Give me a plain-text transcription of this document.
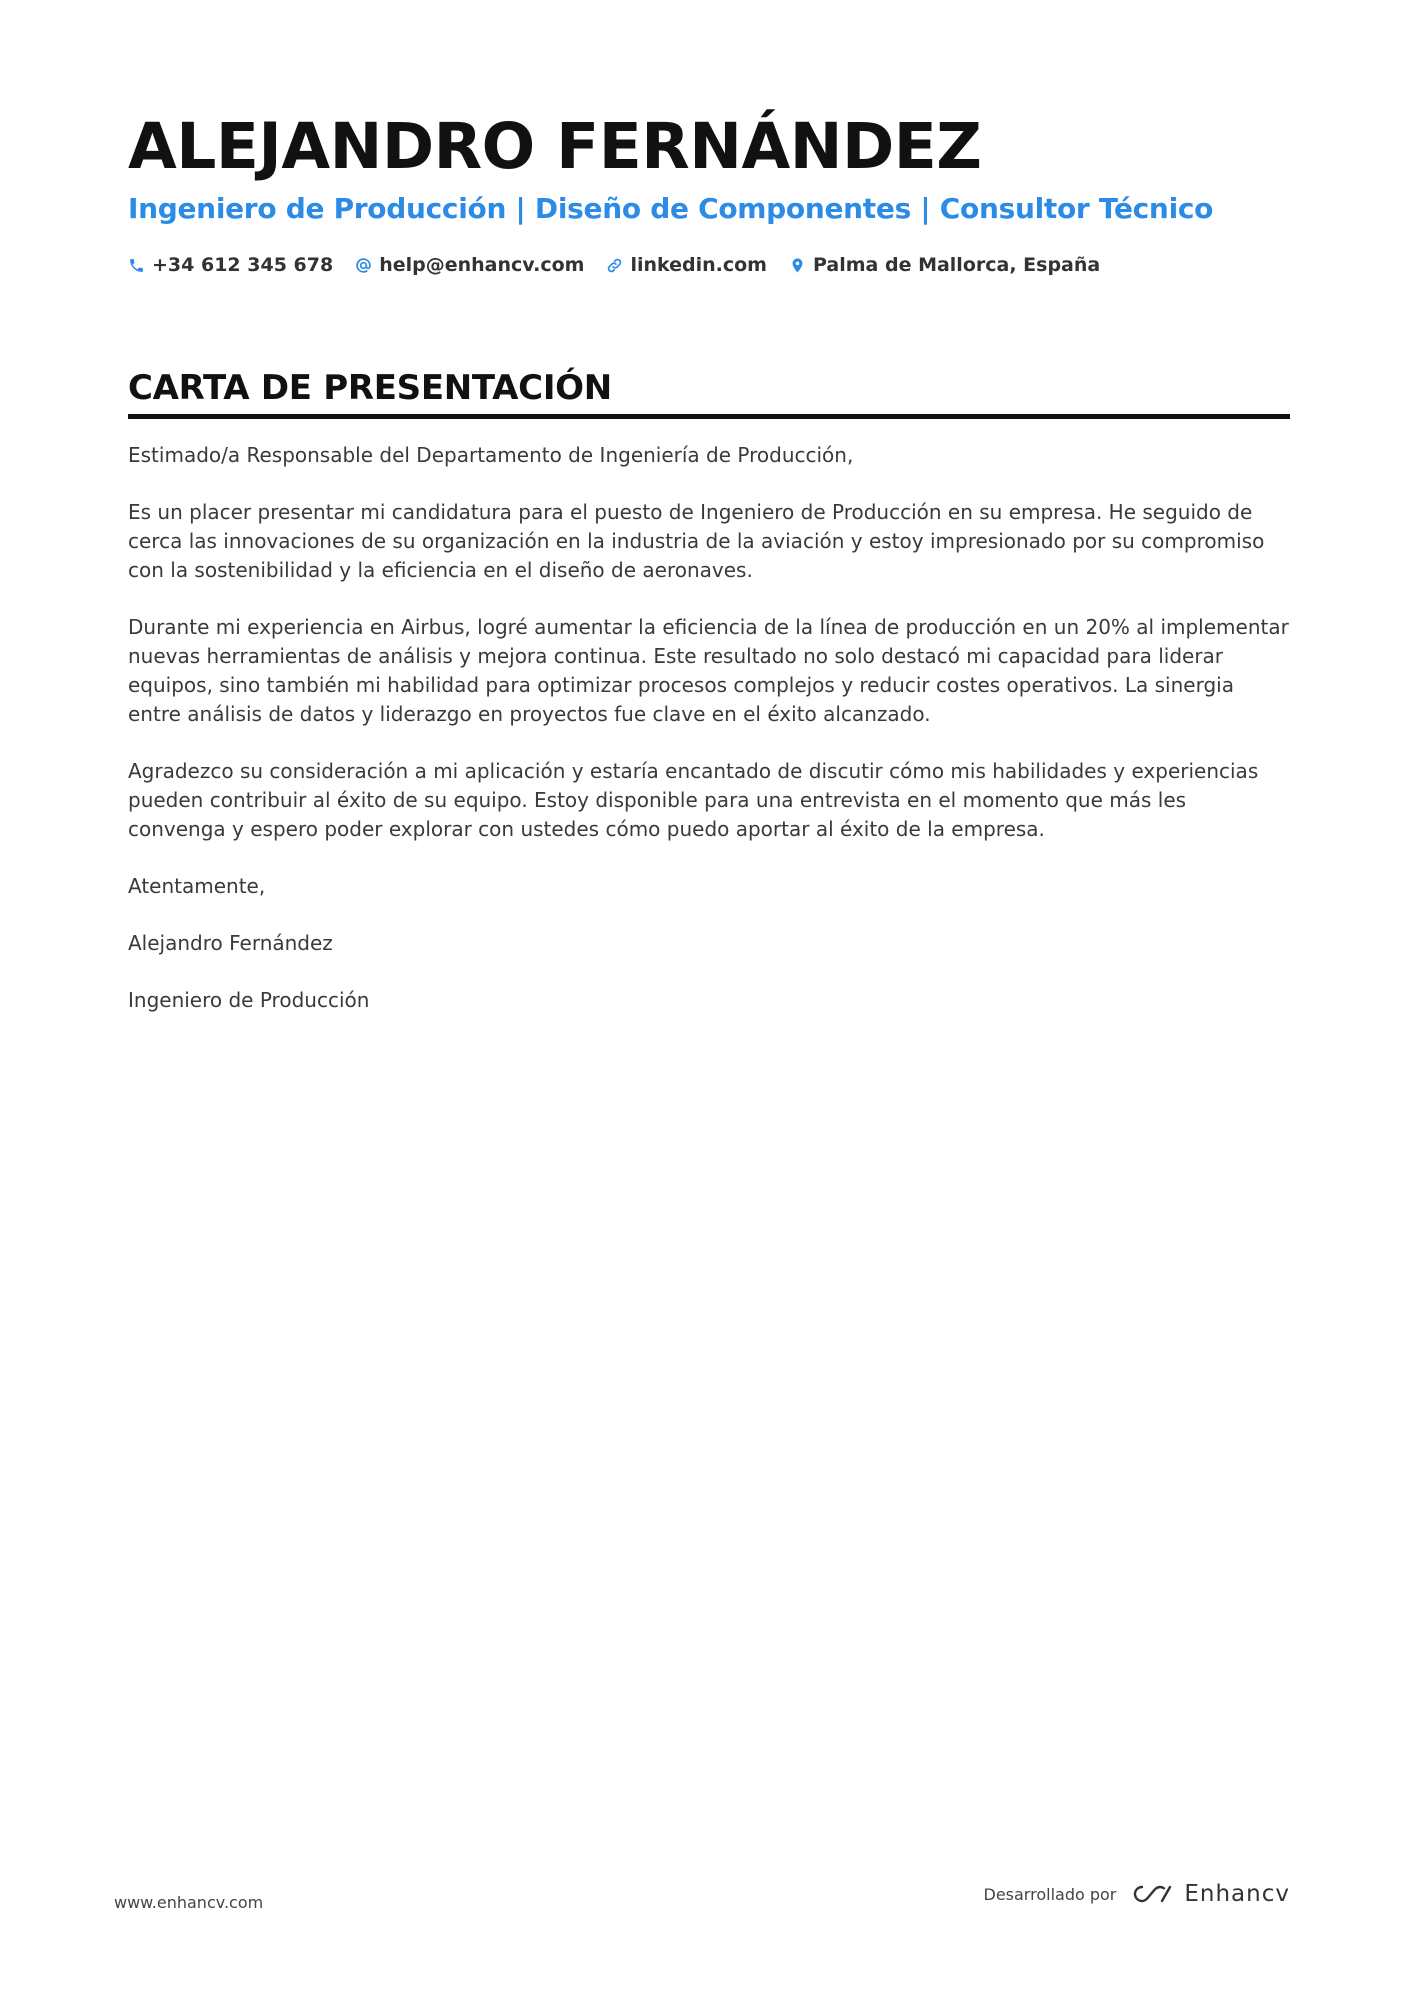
ALEJANDRO FERNÁNDEZ
Ingeniero de Producción | Diseño de Componentes | Consultor Técnico
+34 612 345 678 help@enhancv.com linkedin.com Palma de Mallorca, España
CARTA DE PRESENTACIÓN

Estimado/a Responsable del Departamento de Ingeniería de Producción,

Es un placer presentar mi candidatura para el puesto de Ingeniero de Producción en su empresa. He seguido de cerca las innovaciones de su organización en la industria de la aviación y estoy impresionado por su compromiso con la sostenibilidad y la eficiencia en el diseño de aeronaves.

Durante mi experiencia en Airbus, logré aumentar la eficiencia de la línea de producción en un 20% al implementar nuevas herramientas de análisis y mejora continua. Este resultado no solo destacó mi capacidad para liderar equipos, sino también mi habilidad para optimizar procesos complejos y reducir costes operativos. La sinergia entre análisis de datos y liderazgo en proyectos fue clave en el éxito alcanzado.

Agradezco su consideración a mi aplicación y estaría encantado de discutir cómo mis habilidades y experiencias pueden contribuir al éxito de su equipo. Estoy disponible para una entrevista en el momento que más les convenga y espero poder explorar con ustedes cómo puedo aportar al éxito de la empresa.

Atentamente,

Alejandro Fernández

Ingeniero de Producción

www.enhancv.com	Desarrollado por	Enhancv
